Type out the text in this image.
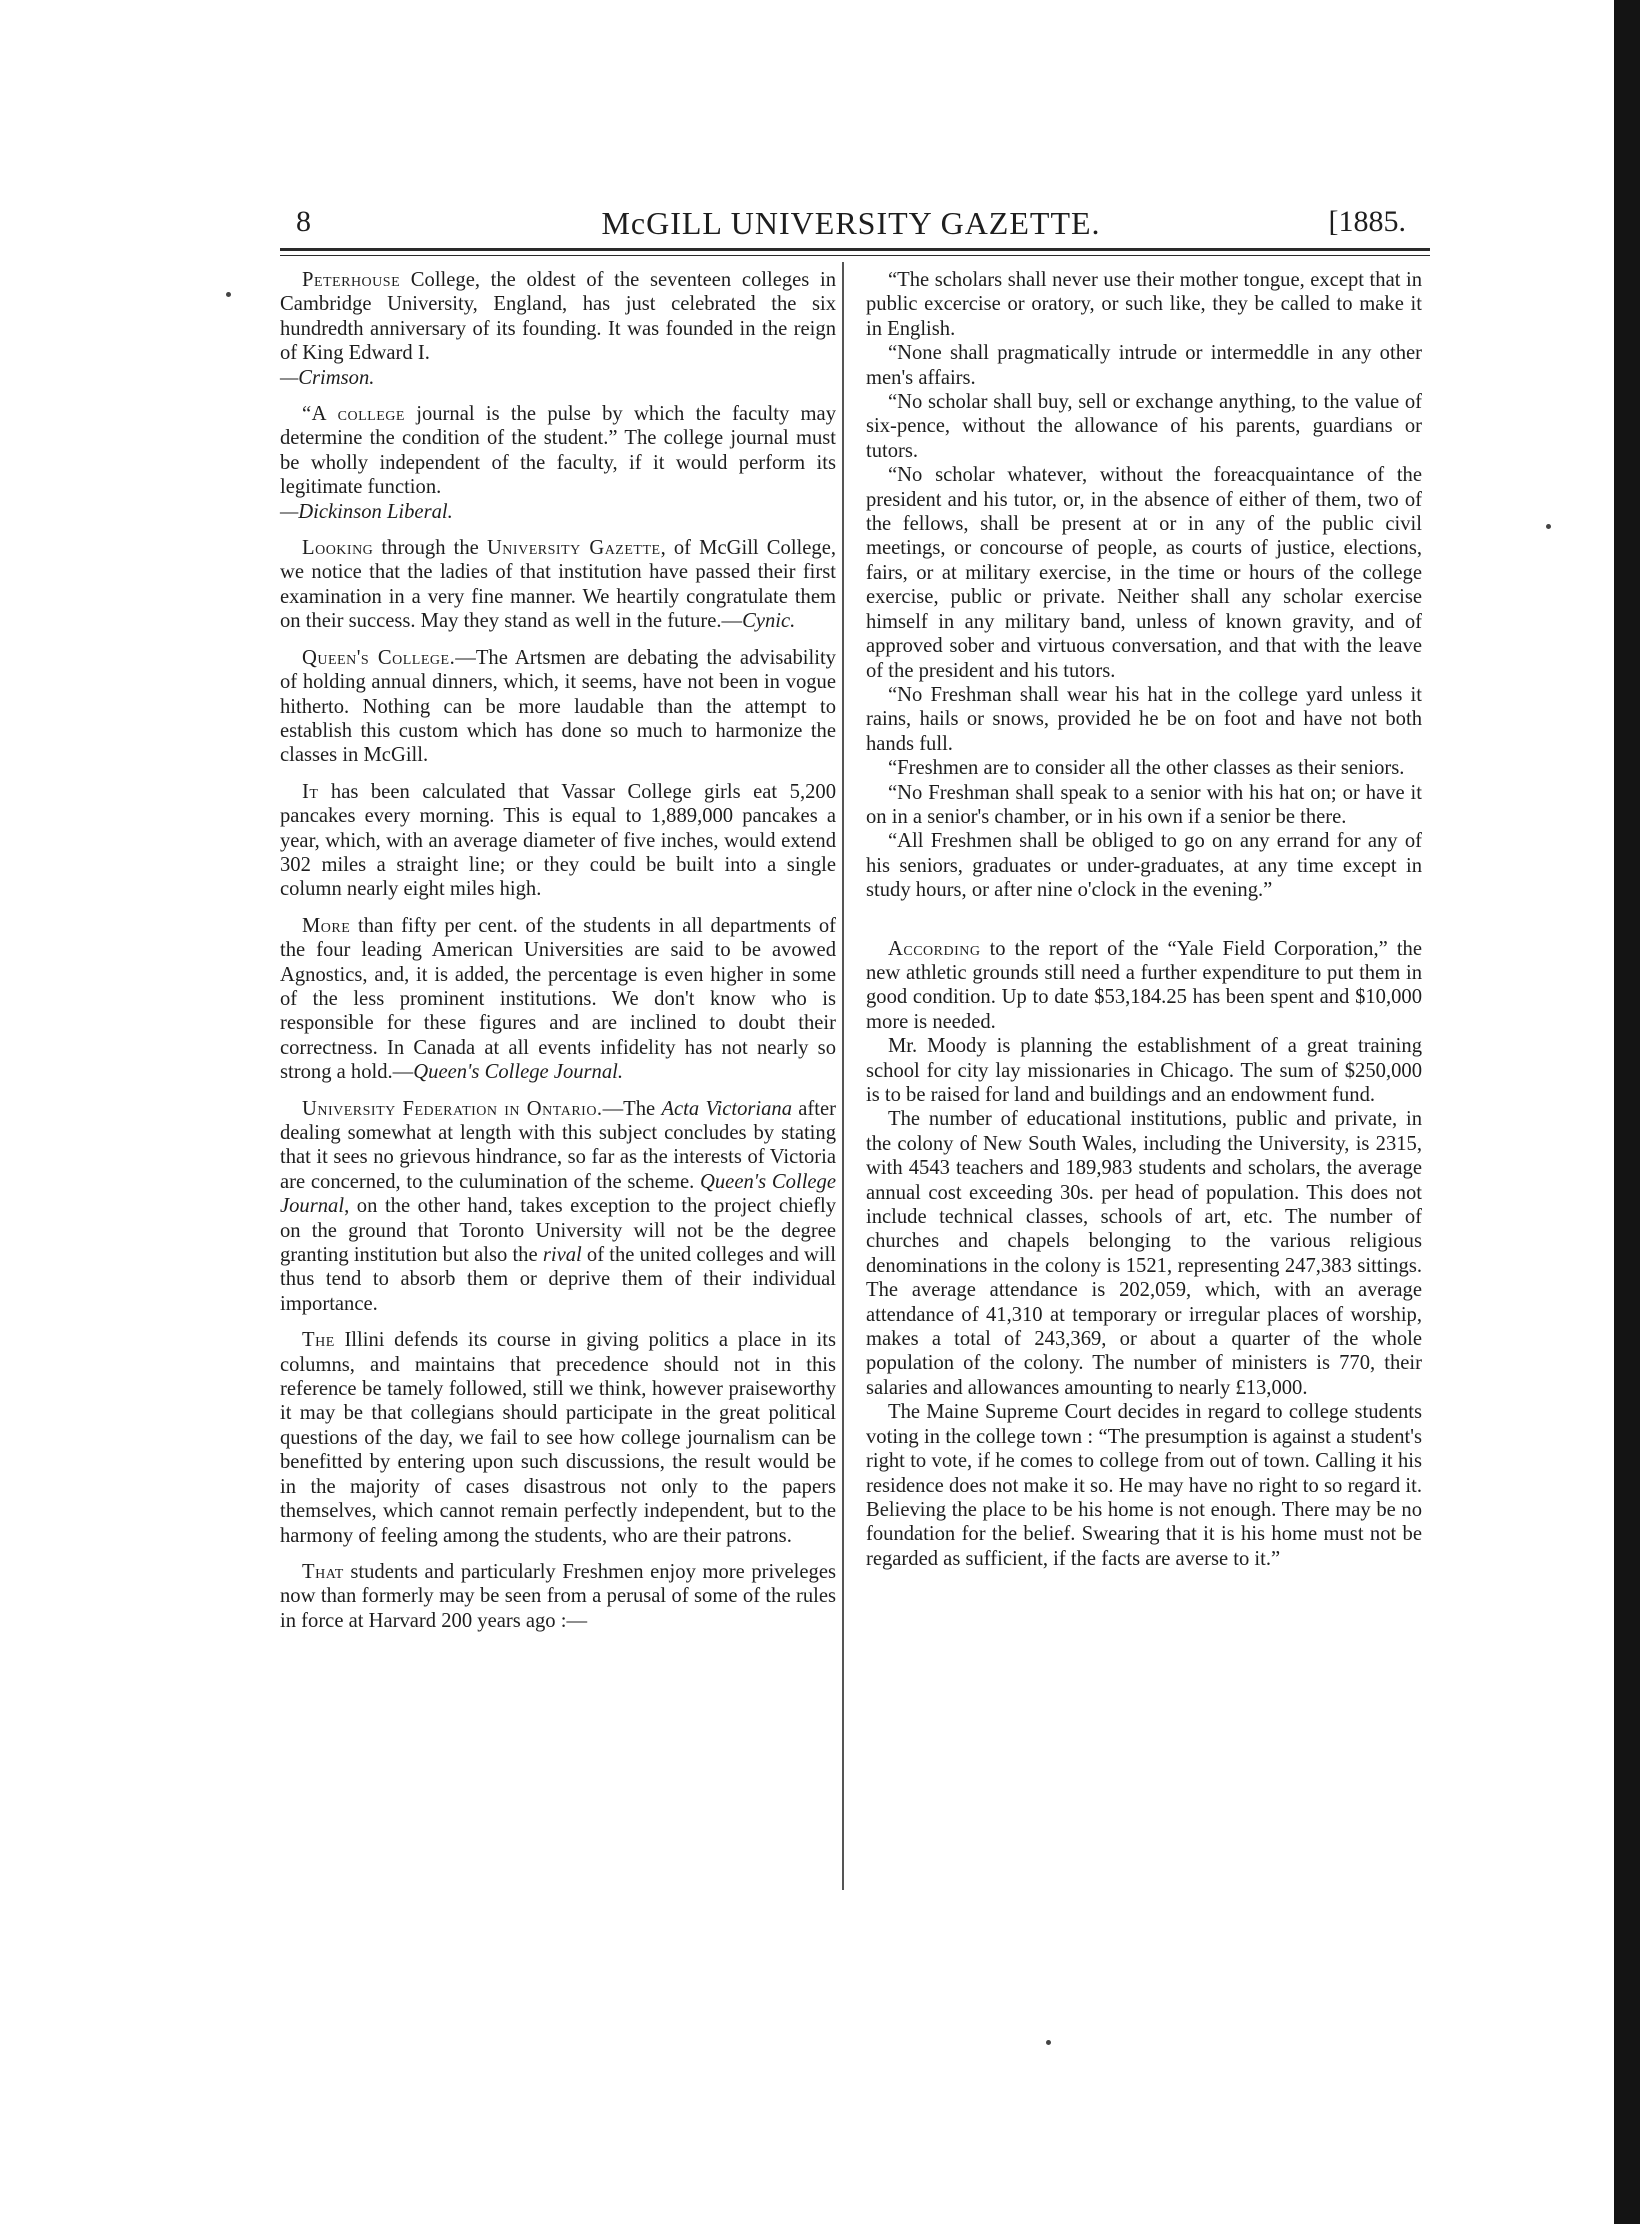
8	McGILL UNIVERSITY GAZETTE.	[1885.

Peterhouse College, the oldest of the seventeen colleges in Cambridge University, England, has just celebrated the six hundredth anniversary of its founding. It was founded in the reign of King Edward I.

—Crimson.

“A college journal is the pulse by which the faculty may determine the condition of the student.” The college journal must be wholly independent of the faculty, if it would perform its legitimate function.

—Dickinson Liberal.

Looking through the University Gazette, of McGill College, we notice that the ladies of that institution have passed their first examination in a very fine manner. We heartily congratulate them on their success. May they stand as well in the future.—Cynic.

Queen's College.—The Artsmen are debating the advisability of holding annual dinners, which, it seems, have not been in vogue hitherto. Nothing can be more laudable than the attempt to establish this custom which has done so much to harmonize the classes in McGill.

It has been calculated that Vassar College girls eat 5,200 pancakes every morning. This is equal to 1,889,000 pancakes a year, which, with an average diameter of five inches, would extend 302 miles a straight line; or they could be built into a single column nearly eight miles high.

More than fifty per cent. of the students in all departments of the four leading American Universities are said to be avowed Agnostics, and, it is added, the percentage is even higher in some of the less prominent institutions. We don't know who is responsible for these figures and are inclined to doubt their correctness. In Canada at all events infidelity has not nearly so strong a hold.—Queen's College Journal.

University Federation in Ontario.—The Acta Victoriana after dealing somewhat at length with this subject concludes by stating that it sees no grievous hindrance, so far as the interests of Victoria are concerned, to the culumination of the scheme. Queen's College Journal, on the other hand, takes exception to the project chiefly on the ground that Toronto University will not be the degree granting institution but also the rival of the united colleges and will thus tend to absorb them or deprive them of their individual importance.

The Illini defends its course in giving politics a place in its columns, and maintains that precedence should not in this reference be tamely followed, still we think, however praiseworthy it may be that collegians should participate in the great political questions of the day, we fail to see how college journalism can be benefitted by entering upon such discussions, the result would be in the majority of cases disastrous not only to the papers themselves, which cannot remain perfectly independent, but to the harmony of feeling among the students, who are their patrons.

That students and particularly Freshmen enjoy more priveleges now than formerly may be seen from a perusal of some of the rules in force at Harvard 200 years ago :—

“The scholars shall never use their mother tongue, except that in public excercise or oratory, or such like, they be called to make it in English.

“None shall pragmatically intrude or intermeddle in any other men's affairs.

“No scholar shall buy, sell or exchange anything, to the value of six-pence, without the allowance of his parents, guardians or tutors.

“No scholar whatever, without the foreacquaintance of the president and his tutor, or, in the absence of either of them, two of the fellows, shall be present at or in any of the public civil meetings, or concourse of people, as courts of justice, elections, fairs, or at military exercise, in the time or hours of the college exercise, public or private. Neither shall any scholar exercise himself in any military band, unless of known gravity, and of approved sober and virtuous conversation, and that with the leave of the president and his tutors.

“No Freshman shall wear his hat in the college yard unless it rains, hails or snows, provided he be on foot and have not both hands full.

“Freshmen are to consider all the other classes as their seniors.

“No Freshman shall speak to a senior with his hat on; or have it on in a senior's chamber, or in his own if a senior be there.

“All Freshmen shall be obliged to go on any errand for any of his seniors, graduates or under-graduates, at any time except in study hours, or after nine o'clock in the evening.”

According to the report of the “Yale Field Corporation,” the new athletic grounds still need a further expenditure to put them in good condition. Up to date $53,184.25 has been spent and $10,000 more is needed.

Mr. Moody is planning the establishment of a great training school for city lay missionaries in Chicago. The sum of $250,000 is to be raised for land and buildings and an endowment fund.

The number of educational institutions, public and private, in the colony of New South Wales, including the University, is 2315, with 4543 teachers and 189,983 students and scholars, the average annual cost exceeding 30s. per head of population. This does not include technical classes, schools of art, etc. The number of churches and chapels belonging to the various religious denominations in the colony is 1521, representing 247,383 sittings. The average attendance is 202,059, which, with an average attendance of 41,310 at temporary or irregular places of worship, makes a total of 243,369, or about a quarter of the whole population of the colony. The number of ministers is 770, their salaries and allowances amounting to nearly £13,000.

The Maine Supreme Court decides in regard to college students voting in the college town : “The presumption is against a student's right to vote, if he comes to college from out of town. Calling it his residence does not make it so. He may have no right to so regard it. Believing the place to be his home is not enough. There may be no foundation for the belief. Swearing that it is his home must not be regarded as sufficient, if the facts are averse to it.”
